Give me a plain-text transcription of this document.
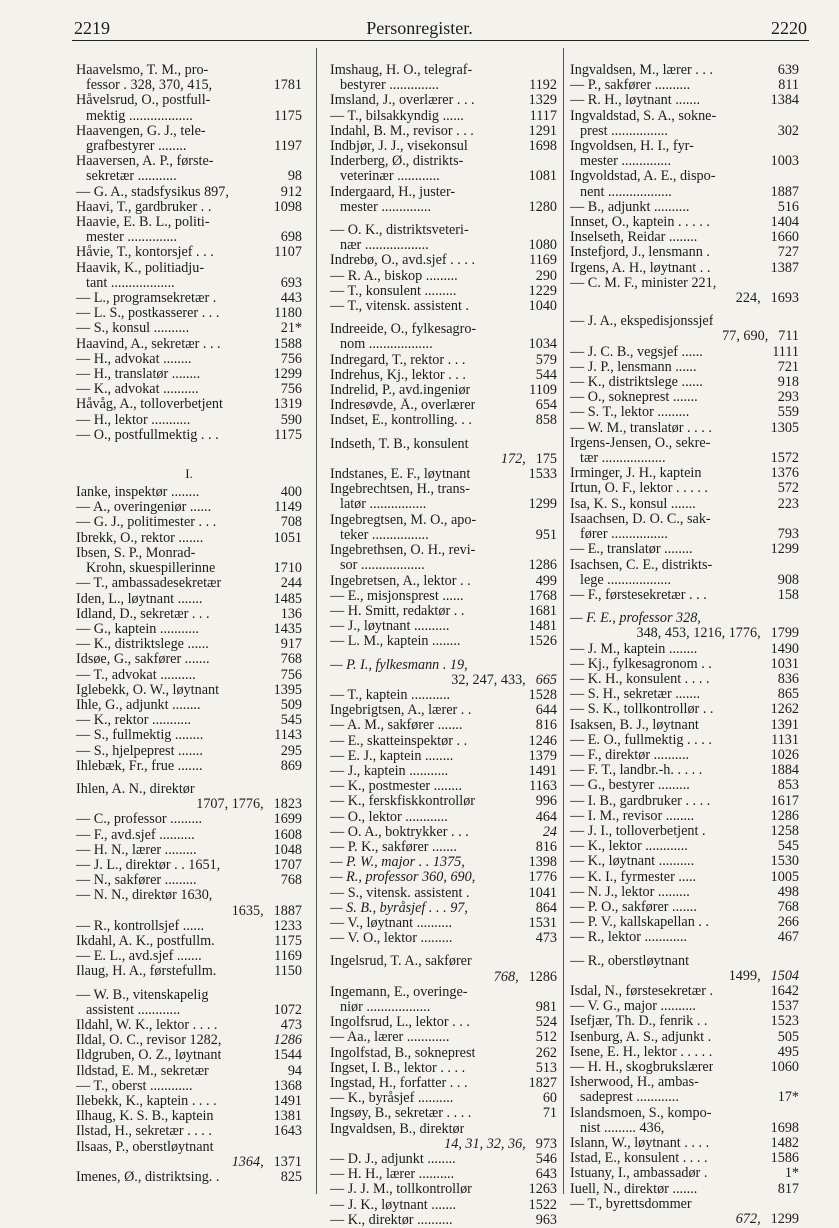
2219	Personregister.	2220
Haavelsmo, T. M., pro-
fessor . 328, 370, 415,	1781
Håvelsrud, O., postfull-
mektig ..................	1175
Haavengen, G. J., tele-
grafbestyrer ........	1197
Haaversen, A. P., første-
sekretær ...........	98
— G. A., stadsfysikus 897,	912
Haavi, T., gardbruker . .	1098
Haavie, E. B. L., politi-
mester ..............	698
Håvie, T., kontorsjef . . .	1107
Haavik, K., politiadju-
tant ..................	693
— L., programsekretær .	443
— L. S., postkasserer . . .	1180
— S., konsul ..........	21*
Haavind, A., sekretær . . .	1588
— H., advokat ........	756
— H., translatør ........	1299
— K., advokat ..........	756
Håvåg, A., tolloverbetjent	1319
— H., lektor ...........	590
— O., postfullmektig . . .	1175
I.
Ianke, inspektør ........	400
— A., overingeniør ......	1149
— G. J., politimester . . .	708
Ibrekk, O., rektor .......	1051
Ibsen, S. P., Monrad-
Krohn, skuespillerinne	1710
— T., ambassadesekretær	244
Iden, L., løytnant .......	1485
Idland, D., sekretær . . .	136
— G., kaptein ...........	1435
— K., distriktslege ......	917
Idsøe, G., sakfører .......	768
— T., advokat ..........	756
Iglebekk, O. W., løytnant	1395
Ihle, G., adjunkt ........	509
— K., rektor ...........	545
— S., fullmektig ........	1143
— S., hjelpeprest .......	295
Ihlebæk, Fr., frue .......	869
Ihlen, A. N., direktør
1707, 1776, 1823
— C., professor .........	1699
— F., avd.sjef ..........	1608
— H. N., lærer .........	1048
— J. L., direktør . . 1651,	1707
— N., sakfører .........	768
— N. N., direktør 1630,
1635, 1887
— R., kontrollsjef ......	1233
Ikdahl, A. K., postfullm.	1175
— E. L., avd.sjef .......	1169
Ilaug, H. A., førstefullm.	1150
— W. B., vitenskapelig
assistent ............	1072
Ildahl, W. K., lektor . . . .	473
Ildal, O. C., revisor 1282,	1286
Ildgruben, O. Z., løytnant	1544
Ildstad, E. M., sekretær	94
— T., oberst ............	1368
Ilebekk, K., kaptein . . . .	1491
Ilhaug, K. S. B., kaptein	1381
Ilstad, H., sekretær . . . .	1643
Ilsaas, P., oberstløytnant
1364, 1371
Imenes, Ø., distriktsing. .	825
Imshaug, H. O., telegraf-
bestyrer ..............	1192
Imsland, J., overlærer . . .	1329
— T., bilsakkyndig ......	1117
Indahl, B. M., revisor . . .	1291
Indbjør, J. J., visekonsul	1698
Inderberg, Ø., distrikts-
veterinær ............	1081
Indergaard, H., juster-
mester ..............	1280
— O. K., distriktsveteri-
nær ..................	1080
Indrebø, O., avd.sjef . . . .	1169
— R. A., biskop .........	290
— T., konsulent .........	1229
— T., vitensk. assistent .	1040
Indreeide, O., fylkesagro-
nom ..................	1034
Indregard, T., rektor . . .	579
Indrehus, Kj., lektor . . .	544
Indrelid, P., avd.ingeniør	1109
Indresøvde, Å., overlærer	654
Indset, E., kontrolling. . .	858
Indseth, T. B., konsulent
172, 175
Indstanes, E. F., løytnant	1533
Ingebrechtsen, H., trans-
latør ................	1299
Ingebregtsen, M. O., apo-
teker ................	951
Ingebrethsen, O. H., revi-
sor ..................	1286
Ingebretsen, A., lektor . .	499
— E., misjonsprest ......	1768
— H. Smitt, redaktør . .	1681
— J., løytnant ..........	1481
— L. M., kaptein ........	1526
— P. I., fylkesmann . 19,
32, 247, 433, 665
— T., kaptein ...........	1528
Ingebrigtsen, A., lærer . .	644
— A. M., sakfører .......	816
— E., skatteinspektør . .	1246
— E. J., kaptein ........	1379
— J., kaptein ...........	1491
— K., postmester ........	1163
— K., ferskfiskkontrollør	996
— O., lektor ............	464
— O. A., boktrykker . . .	24
— P. K., sakfører .......	816
— P. W., major . . 1375,	1398
— R., professor 360, 690,	1776
— S., vitensk. assistent .	1041
— S. B., byråsjef . . . 97,	864
— V., løytnant ..........	1531
— V. O., lektor .........	473
Ingelsrud, T. A., sakfører
768, 1286
Ingemann, E., overinge-
niør ..................	981
Ingolfsrud, L., lektor . . .	524
— Aa., lærer ............	512
Ingolfstad, B., sokneprest	262
Ingset, I. B., lektor . . . .	513
Ingstad, H., forfatter . . .	1827
— K., byråsjef ..........	60
Ingsøy, B., sekretær . . . .	71
Ingvaldsen, B., direktør
14, 31, 32, 36, 973
— D. J., adjunkt ........	546
— H. H., lærer ..........	643
— J. J. M., tollkontrollør	1263
— J. K., løytnant .......	1522
— K., direktør ..........	963
Ingvaldsen, M., lærer . . .	639
— P., sakfører ..........	811
— R. H., løytnant .......	1384
Ingvaldstad, S. A., sokne-
prest ................	302
Ingvoldsen, H. I., fyr-
mester ..............	1003
Ingvoldstad, A. E., dispo-
nent ..................	1887
— B., adjunkt ..........	516
Innset, O., kaptein . . . . .	1404
Inselseth, Reidar ........	1660
Instefjord, J., lensmann .	727
Irgens, A. H., løytnant . .	1387
— C. M. F., minister 221,
224, 1693
— J. A., ekspedisjonssjef
77, 690, 711
— J. C. B., vegsjef ......	1111
— J. P., lensmann ......	721
— K., distriktslege ......	918
— O., sokneprest .......	293
— S. T., lektor .........	559
— W. M., translatør . . . .	1305
Irgens-Jensen, O., sekre-
tær ..................	1572
Irminger, J. H., kaptein	1376
Irtun, O. F., lektor . . . . .	572
Isa, K. S., konsul .......	223
Isaachsen, D. O. C., sak-
fører ................	793
— E., translatør ........	1299
Isachsen, C. E., distrikts-
lege ..................	908
— F., førstesekretær . . .	158
— F. E., professor 328,
348, 453, 1216, 1776, 1799
— J. M., kaptein ........	1490
— Kj., fylkesagronom . .	1031
— K. H., konsulent . . . .	836
— S. H., sekretær .......	865
— S. K., tollkontrollør . .	1262
Isaksen, B. J., løytnant	1391
— E. O., fullmektig . . . .	1131
— F., direktør ..........	1026
— F. T., landbr.-h. . . . .	1884
— G., bestyrer .........	853
— I. B., gardbruker . . . .	1617
— I. M., revisor ........	1286
— J. I., tolloverbetjent .	1258
— K., lektor ............	545
— K., løytnant ..........	1530
— K. I., fyrmester .....	1005
— N. J., lektor .........	498
— P. O., sakfører .......	768
— P. V., kallskapellan . .	266
— R., lektor ............	467
— R., oberstløytnant
1499, 1504
Isdal, N., førstesekretær .	1642
— V. G., major ..........	1537
Isefjær, Th. D., fenrik . .	1523
Isenburg, A. S., adjunkt .	505
Isene, E. H., lektor . . . . .	495
— H. H., skogbrukslærer	1060
Isherwood, H., ambas-
sadeprest ............	17*
Islandsmoen, S., kompo-
nist ......... 436,	1698
Islann, W., løytnant . . . .	1482
Istad, E., konsulent . . . .	1586
Istuany, I., ambassadør .	1*
Iuell, N., direktør .......	817
— T., byrettsdommer
672, 1299
